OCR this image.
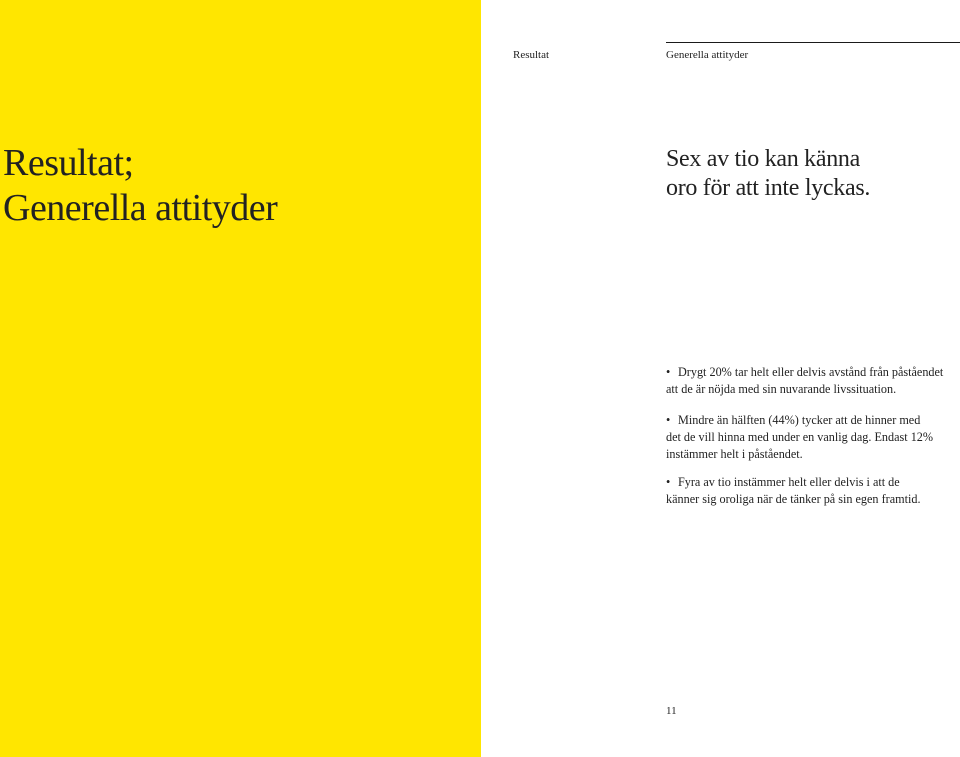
Resultat;
Generella attityder
Resultat	Generella attityder
Sex av tio kan känna
oro för att inte lyckas.

• Drygt 20% tar helt eller delvis avstånd från påståendet
att de är nöjda med sin nuvarande livssituation.

• Mindre än hälften (44%) tycker att de hinner med
det de vill hinna med under en vanlig dag. Endast 12%
instämmer helt i påståendet.

• Fyra av tio instämmer helt eller delvis i att de
känner sig oroliga när de tänker på sin egen framtid.

11
